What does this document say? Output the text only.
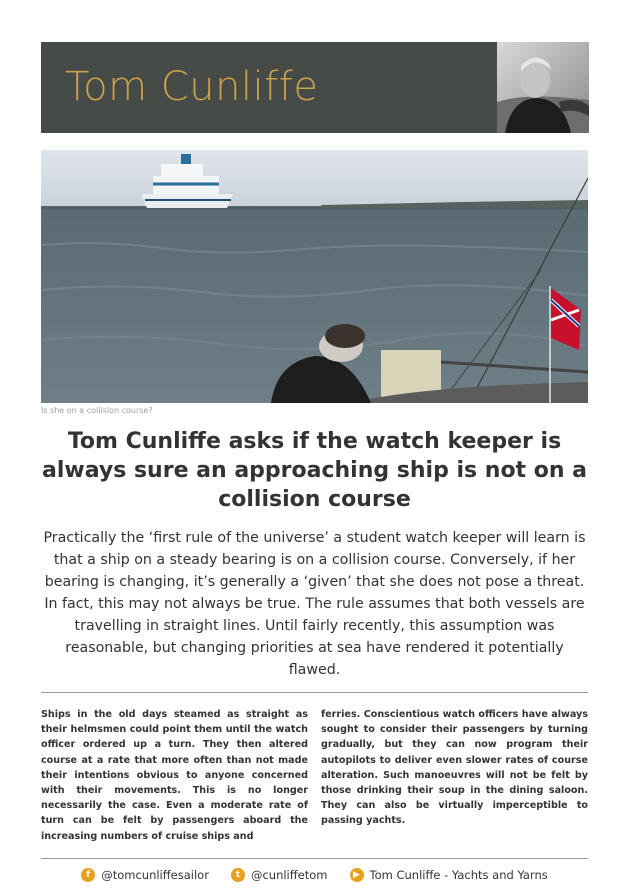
Tom Cunliffe
Is she on a collision course?
Tom Cunliffe asks if the watch keeper is always sure an approaching ship is not on a collision course
Practically the ‘first rule of the universe’ a student watch keeper will learn is that a ship on a steady bearing is on a collision course. Conversely, if her bearing is changing, it’s generally a ‘given’ that she does not pose a threat. In fact, this may not always be true. The rule assumes that both vessels are travelling in straight lines. Until fairly recently, this assumption was reasonable, but changing priorities at sea have rendered it potentially flawed.
Ships in the old days steamed as straight as their helmsmen could point them until the watch officer ordered up a turn. They then altered course at a rate that more often than not made their intentions obvious to anyone concerned with their movements. This is no longer necessarily the case. Even a moderate rate of turn can be felt by passengers aboard the increasing numbers of cruise ships and
ferries. Conscientious watch officers have always sought to consider their passengers by turning gradually, but they can now program their autopilots to deliver even slower rates of course alteration. Such manoeuvres will not be felt by those drinking their soup in the dining saloon. They can also be virtually imperceptible to passing yachts.
f @tomcunliffesailor	t @cunliffetom	▶ Tom Cunliffe - Yachts and Yarns
